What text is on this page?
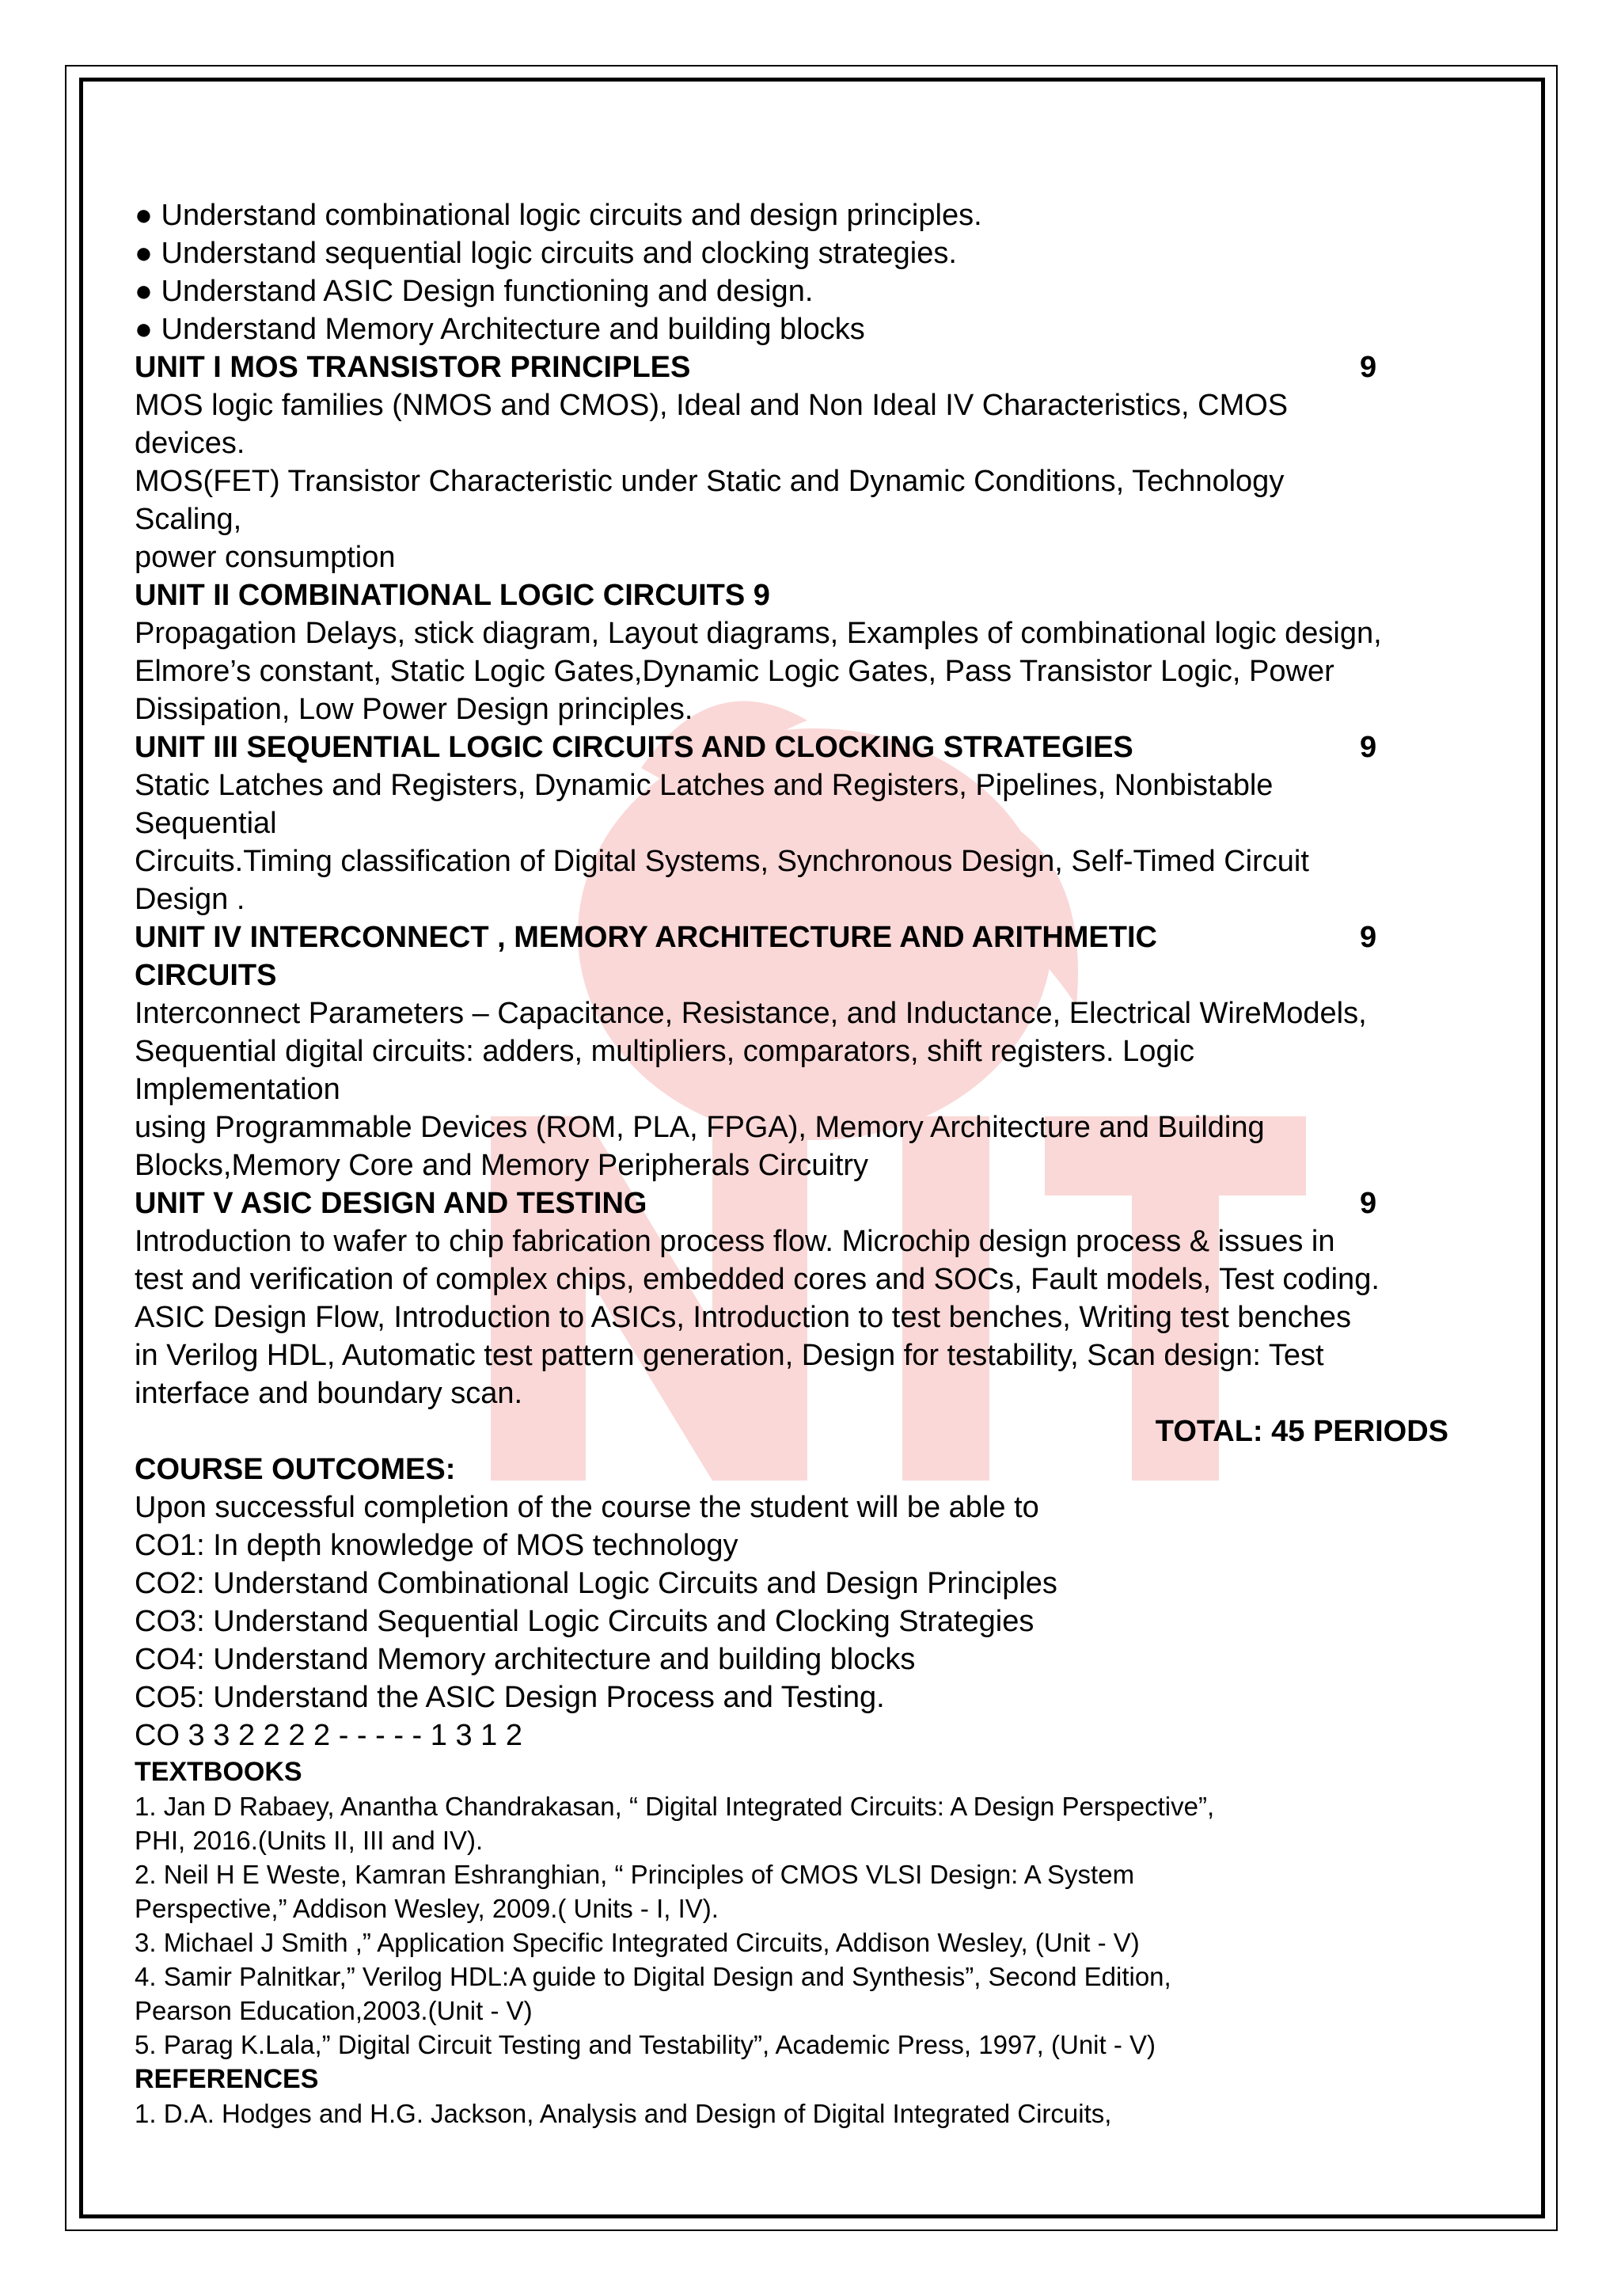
● Understand combinational logic circuits and design principles.
● Understand sequential logic circuits and clocking strategies.
● Understand ASIC Design functioning and design.
● Understand Memory Architecture and building blocks
UNIT I MOS TRANSISTOR PRINCIPLES	9
MOS logic families (NMOS and CMOS), Ideal and Non Ideal IV Characteristics, CMOS
devices.
MOS(FET) Transistor Characteristic under Static and Dynamic Conditions, Technology
Scaling,
power consumption
UNIT II COMBINATIONAL LOGIC CIRCUITS 9
Propagation Delays, stick diagram, Layout diagrams, Examples of combinational logic design,
Elmore’s constant, Static Logic Gates,Dynamic Logic Gates, Pass Transistor Logic, Power
Dissipation, Low Power Design principles.
UNIT III SEQUENTIAL LOGIC CIRCUITS AND CLOCKING STRATEGIES	9
Static Latches and Registers, Dynamic Latches and Registers, Pipelines, Nonbistable
Sequential
Circuits.Timing classification of Digital Systems, Synchronous Design, Self-Timed Circuit
Design .
UNIT IV INTERCONNECT , MEMORY ARCHITECTURE AND ARITHMETIC	9
CIRCUITS
Interconnect Parameters – Capacitance, Resistance, and Inductance, Electrical WireModels,
Sequential digital circuits: adders, multipliers, comparators, shift registers. Logic
Implementation
using Programmable Devices (ROM, PLA, FPGA), Memory Architecture and Building
Blocks,Memory Core and Memory Peripherals Circuitry
UNIT V ASIC DESIGN AND TESTING	9
Introduction to wafer to chip fabrication process flow. Microchip design process & issues in
test and verification of complex chips, embedded cores and SOCs, Fault models, Test coding.
ASIC Design Flow, Introduction to ASICs, Introduction to test benches, Writing test benches
in Verilog HDL, Automatic test pattern generation, Design for testability, Scan design: Test
interface and boundary scan.
TOTAL: 45 PERIODS
COURSE OUTCOMES:
Upon successful completion of the course the student will be able to
CO1: In depth knowledge of MOS technology
CO2: Understand Combinational Logic Circuits and Design Principles
CO3: Understand Sequential Logic Circuits and Clocking Strategies
CO4: Understand Memory architecture and building blocks
CO5: Understand the ASIC Design Process and Testing.
CO 3 3 2 2 2 2 - - - - - 1 3 1 2
TEXTBOOKS
1. Jan D Rabaey, Anantha Chandrakasan, “ Digital Integrated Circuits: A Design Perspective”,
PHI, 2016.(Units II, III and IV).
2. Neil H E Weste, Kamran Eshranghian, “ Principles of CMOS VLSI Design: A System
Perspective,” Addison Wesley, 2009.( Units - I, IV).
3. Michael J Smith ,” Application Specific Integrated Circuits, Addison Wesley, (Unit - V)
4. Samir Palnitkar,” Verilog HDL:A guide to Digital Design and Synthesis”, Second Edition,
Pearson Education,2003.(Unit - V)
5. Parag K.Lala,” Digital Circuit Testing and Testability”, Academic Press, 1997, (Unit - V)
REFERENCES
1. D.A. Hodges and H.G. Jackson, Analysis and Design of Digital Integrated Circuits,
